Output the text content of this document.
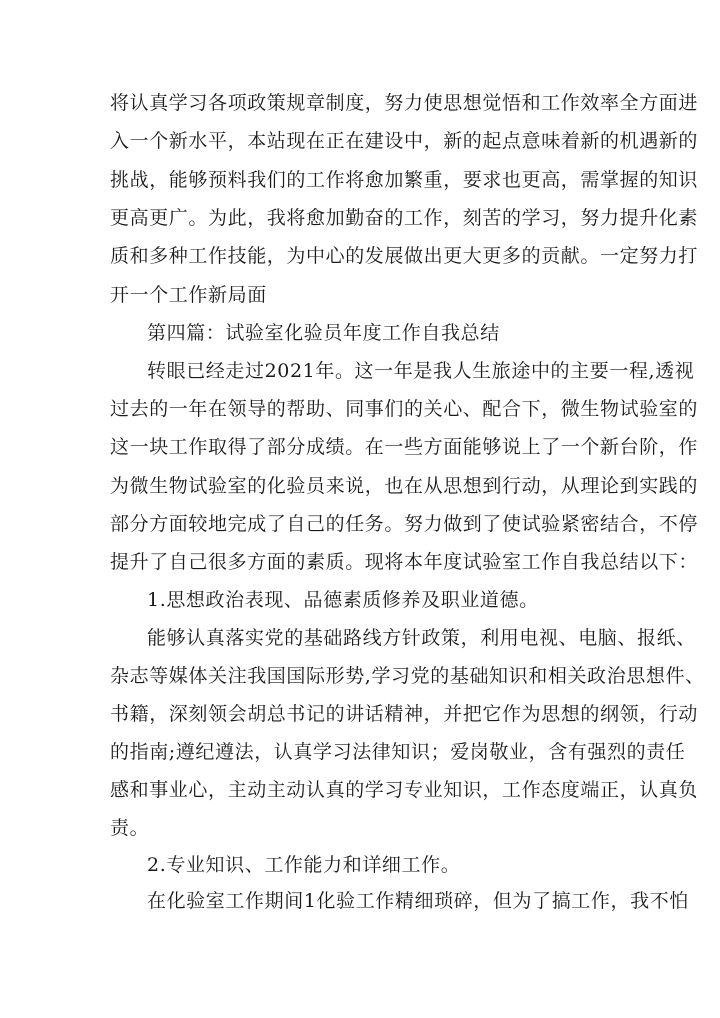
将认真学习各项政策规章制度，努力使思想觉悟和工作效率全方面进
入一个新水平，本站现在正在建设中，新的起点意味着新的机遇新的
挑战，能够预料我们的工作将愈加繁重，要求也更高，需掌握的知识
更高更广。为此，我将愈加勤奋的工作，刻苦的学习，努力提升化素
质和多种工作技能，为中心的发展做出更大更多的贡献。一定努力打
开一个工作新局面
第四篇：试验室化验员年度工作自我总结
转眼已经走过2021年。这一年是我人生旅途中的主要一程,透视
过去的一年在领导的帮助、同事们的关心、配合下，微生物试验室的
这一块工作取得了部分成绩。在一些方面能够说上了一个新台阶，作
为微生物试验室的化验员来说，也在从思想到行动，从理论到实践的
部分方面较地完成了自己的任务。努力做到了使试验紧密结合，不停
提升了自己很多方面的素质。现将本年度试验室工作自我总结以下：
1.思想政治表现、品德素质修养及职业道德。
能够认真落实党的基础路线方针政策，利用电视、电脑、报纸、
杂志等媒体关注我国国际形势,学习党的基础知识和相关政治思想件、
书籍，深刻领会胡总书记的讲话精神，并把它作为思想的纲领，行动
的指南;遵纪遵法，认真学习法律知识；爱岗敬业，含有强烈的责任
感和事业心，主动主动认真的学习专业知识，工作态度端正，认真负
责。
2.专业知识、工作能力和详细工作。
在化验室工作期间1化验工作精细琐碎，但为了搞工作，我不怕
